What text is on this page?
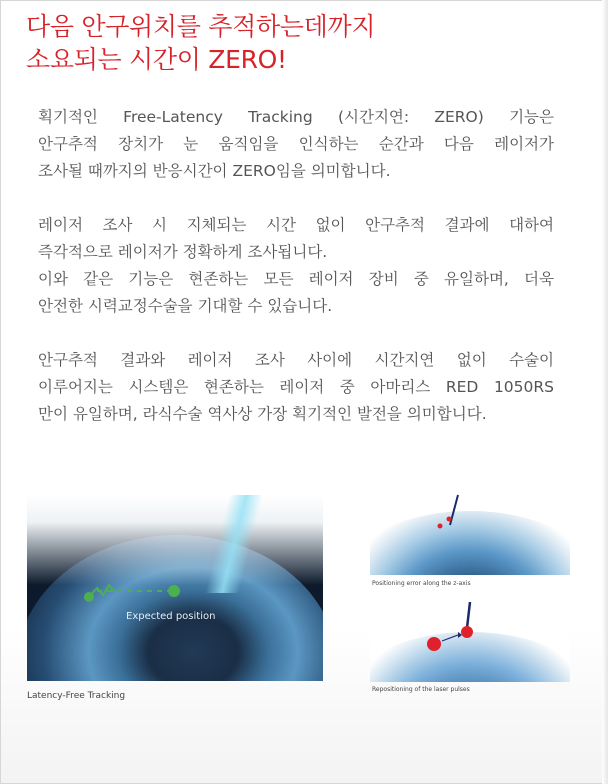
다음 안구위치를 추적하는데까지
소요되는 시간이 ZERO!

획기적인 Free-Latency Tracking (시간지연: ZERO) 기능은
안구추적 장치가 눈 움직임을 인식하는 순간과 다음 레이저가
조사될 때까지의 반응시간이 ZERO임을 의미합니다.

레이저 조사 시 지체되는 시간 없이 안구추적 결과에 대하여
즉각적으로 레이저가 정확하게 조사됩니다.
이와 같은 기능은 현존하는 모든 레이저 장비 중 유일하며, 더욱
안전한 시력교정수술을 기대할 수 있습니다.

안구추적 결과와 레이저 조사 사이에 시간지연 없이 수술이
이루어지는 시스템은 현존하는 레이저 중 아마리스 RED 1050RS
만이 유일하며, 라식수술 역사상 가장 획기적인 발전을 의미합니다.

Expected position
Latency-Free Tracking
Positioning error along the z-axis
Repositioning of the laser pulses
